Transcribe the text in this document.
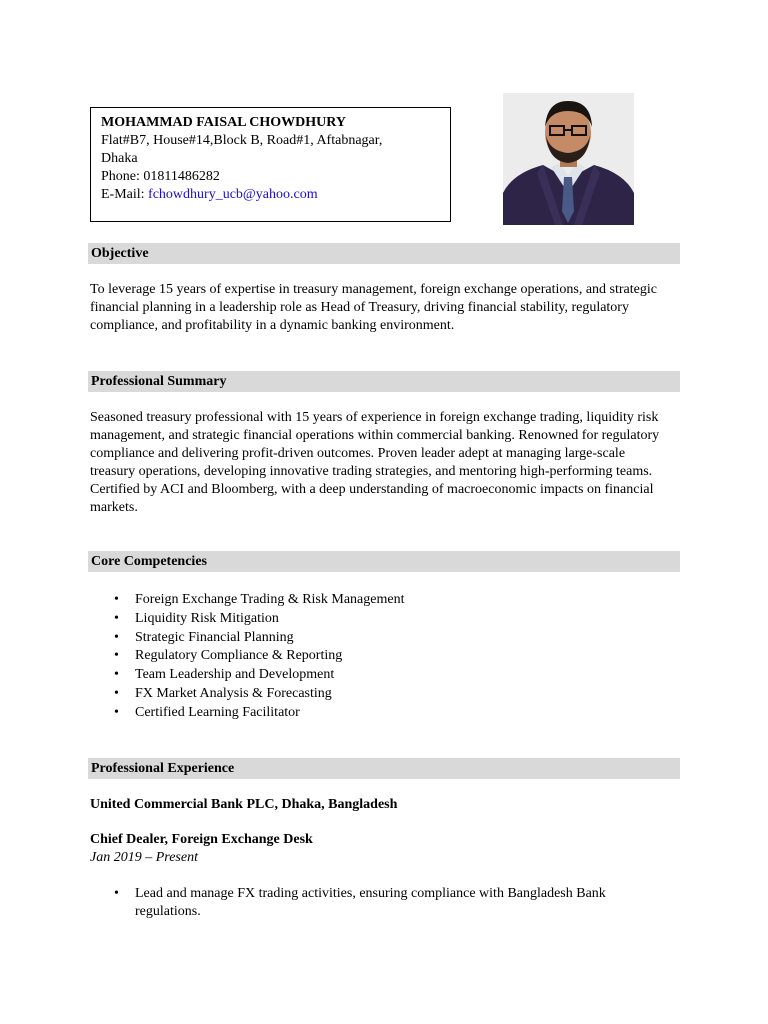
MOHAMMAD FAISAL CHOWDHURY
Flat#B7, House#14,Block B, Road#1, Aftabnagar,
Dhaka
Phone: 01811486282
E-Mail: fchowdhury_ucb@yahoo.com
Objective
To leverage 15 years of expertise in treasury management, foreign exchange operations, and strategic financial planning in a leadership role as Head of Treasury, driving financial stability, regulatory compliance, and profitability in a dynamic banking environment.
Professional Summary
Seasoned treasury professional with 15 years of experience in foreign exchange trading, liquidity risk management, and strategic financial operations within commercial banking. Renowned for regulatory compliance and delivering profit-driven outcomes. Proven leader adept at managing large-scale treasury operations, developing innovative trading strategies, and mentoring high-performing teams. Certified by ACI and Bloomberg, with a deep understanding of macroeconomic impacts on financial markets.
Core Competencies
• Foreign Exchange Trading & Risk Management
• Liquidity Risk Mitigation
• Strategic Financial Planning
• Regulatory Compliance & Reporting
• Team Leadership and Development
• FX Market Analysis & Forecasting
• Certified Learning Facilitator
Professional Experience
United Commercial Bank PLC, Dhaka, Bangladesh
Chief Dealer, Foreign Exchange Desk
Jan 2019 – Present
• Lead and manage FX trading activities, ensuring compliance with Bangladesh Bank regulations.
